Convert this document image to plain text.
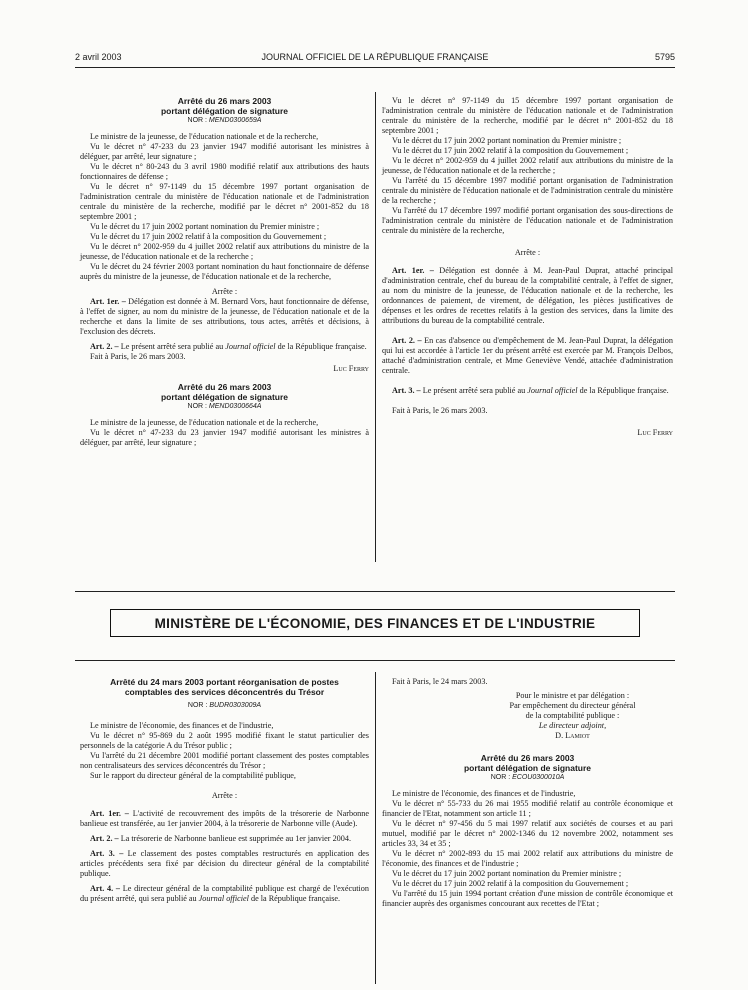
2 avril 2003	JOURNAL OFFICIEL DE LA RÉPUBLIQUE FRANÇAISE	5795
Arrêté du 26 mars 2003
portant délégation de signature
NOR : MEND0300659A

Le ministre de la jeunesse, de l'éducation nationale et de la recherche,

Vu le décret n° 47-233 du 23 janvier 1947 modifié autorisant les ministres à déléguer, par arrêté, leur signature ;

Vu le décret n° 80-243 du 3 avril 1980 modifié relatif aux attributions des hauts fonctionnaires de défense ;

Vu le décret n° 97-1149 du 15 décembre 1997 portant organisation de l'administration centrale du ministère de l'éducation nationale et de l'administration centrale du ministère de la recherche, modifié par le décret n° 2001-852 du 18 septembre 2001 ;

Vu le décret du 17 juin 2002 portant nomination du Premier ministre ;

Vu le décret du 17 juin 2002 relatif à la composition du Gouvernement ;

Vu le décret n° 2002-959 du 4 juillet 2002 relatif aux attributions du ministre de la jeunesse, de l'éducation nationale et de la recherche ;

Vu le décret du 24 février 2003 portant nomination du haut fonctionnaire de défense auprès du ministre de la jeunesse, de l'éducation nationale et de la recherche,

Arrête :

Art. 1er. – Délégation est donnée à M. Bernard Vors, haut fonctionnaire de défense, à l'effet de signer, au nom du ministre de la jeunesse, de l'éducation nationale et de la recherche et dans la limite de ses attributions, tous actes, arrêtés et décisions, à l'exclusion des décrets.

Art. 2. – Le présent arrêté sera publié au Journal officiel de la République française.

Fait à Paris, le 26 mars 2003.

Luc Ferry

Arrêté du 26 mars 2003
portant délégation de signature
NOR : MEND0300664A

Le ministre de la jeunesse, de l'éducation nationale et de la recherche,

Vu le décret n° 47-233 du 23 janvier 1947 modifié autorisant les ministres à déléguer, par arrêté, leur signature ;

Vu le décret n° 97-1149 du 15 décembre 1997 portant organisation de l'administration centrale du ministère de l'éducation nationale et de l'administration centrale du ministère de la recherche, modifié par le décret n° 2001-852 du 18 septembre 2001 ;

Vu le décret du 17 juin 2002 portant nomination du Premier ministre ;

Vu le décret du 17 juin 2002 relatif à la composition du Gouvernement ;

Vu le décret n° 2002-959 du 4 juillet 2002 relatif aux attributions du ministre de la jeunesse, de l'éducation nationale et de la recherche ;

Vu l'arrêté du 15 décembre 1997 modifié portant organisation de l'administration centrale du ministère de l'éducation nationale et de l'administration centrale du ministère de la recherche ;

Vu l'arrêté du 17 décembre 1997 modifié portant organisation des sous-directions de l'administration centrale du ministère de l'éducation nationale et de l'administration centrale du ministère de la recherche,

Arrête :

Art. 1er. – Délégation est donnée à M. Jean-Paul Duprat, attaché principal d'administration centrale, chef du bureau de la comptabilité centrale, à l'effet de signer, au nom du ministre de la jeunesse, de l'éducation nationale et de la recherche, les ordonnances de paiement, de virement, de délégation, les pièces justificatives de dépenses et les ordres de recettes relatifs à la gestion des services, dans la limite des attributions du bureau de la comptabilité centrale.

Art. 2. – En cas d'absence ou d'empêchement de M. Jean-Paul Duprat, la délégation qui lui est accordée à l'article 1er du présent arrêté est exercée par M. François Delbos, attaché d'administration centrale, et Mme Geneviève Vendé, attachée d'administration centrale.

Art. 3. – Le présent arrêté sera publié au Journal officiel de la République française.

Fait à Paris, le 26 mars 2003.

Luc Ferry

MINISTÈRE DE L'ÉCONOMIE, DES FINANCES ET DE L'INDUSTRIE
Arrêté du 24 mars 2003 portant réorganisation de postes
comptables des services déconcentrés du Trésor
NOR : BUDR0303009A

Le ministre de l'économie, des finances et de l'industrie,

Vu le décret n° 95-869 du 2 août 1995 modifié fixant le statut particulier des personnels de la catégorie A du Trésor public ;

Vu l'arrêté du 21 décembre 2001 modifié portant classement des postes comptables non centralisateurs des services déconcentrés du Trésor ;

Sur le rapport du directeur général de la comptabilité publique,

Arrête :

Art. 1er. – L'activité de recouvrement des impôts de la trésorerie de Narbonne banlieue est transférée, au 1er janvier 2004, à la trésorerie de Narbonne ville (Aude).

Art. 2. – La trésorerie de Narbonne banlieue est supprimée au 1er janvier 2004.

Art. 3. – Le classement des postes comptables restructurés en application des articles précédents sera fixé par décision du directeur général de la comptabilité publique.

Art. 4. – Le directeur général de la comptabilité publique est chargé de l'exécution du présent arrêté, qui sera publié au Journal officiel de la République française.

Fait à Paris, le 24 mars 2003.

Pour le ministre et par délégation :
Par empêchement du directeur général
de la comptabilité publique :
Le directeur adjoint,
D. Lamiot
Arrêté du 26 mars 2003
portant délégation de signature
NOR : ECOU0300010A

Le ministre de l'économie, des finances et de l'industrie,

Vu le décret n° 55-733 du 26 mai 1955 modifié relatif au contrôle économique et financier de l'Etat, notamment son article 11 ;

Vu le décret n° 97-456 du 5 mai 1997 relatif aux sociétés de courses et au pari mutuel, modifié par le décret n° 2002-1346 du 12 novembre 2002, notamment ses articles 33, 34 et 35 ;

Vu le décret n° 2002-893 du 15 mai 2002 relatif aux attributions du ministre de l'économie, des finances et de l'industrie ;

Vu le décret du 17 juin 2002 portant nomination du Premier ministre ;

Vu le décret du 17 juin 2002 relatif à la composition du Gouvernement ;

Vu l'arrêté du 15 juin 1994 portant création d'une mission de contrôle économique et financier auprès des organismes concourant aux recettes de l'Etat ;
